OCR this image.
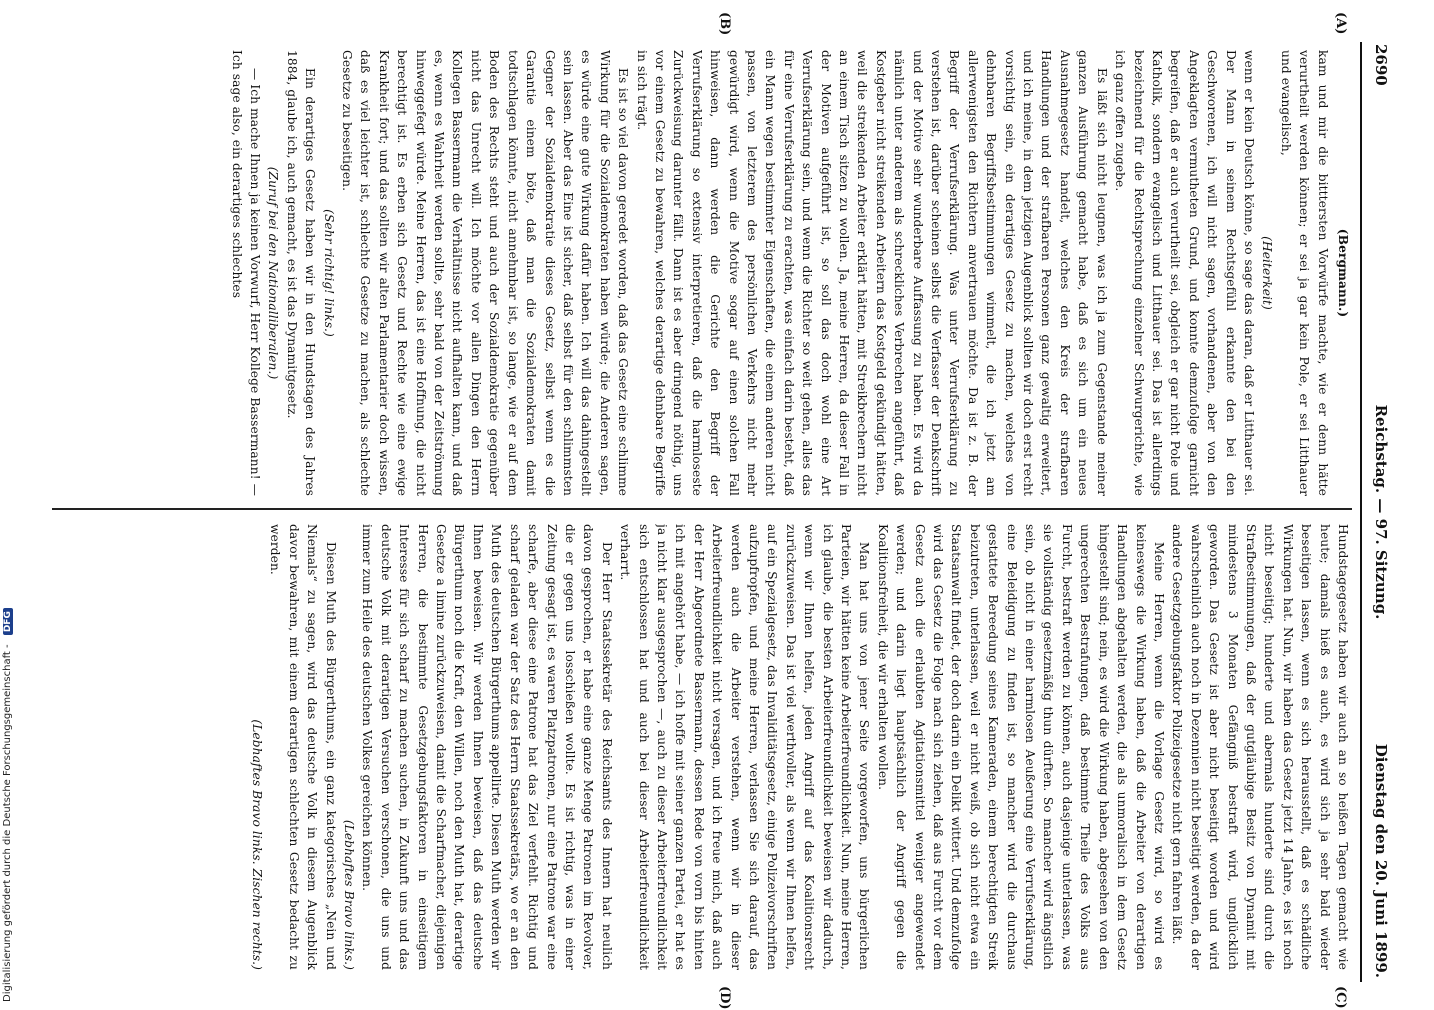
2690
Reichstag. — 97. Sitzung.
Dienstag den 20. Juni 1899.
(A)
(B)
(C)
(D)

(Bergmann.)

kam und mir die bitttersten Vorwürfe machte, wie er denn hätte verurtheilt werden können; er sei ja gar kein Pole, er sei Litthauer und evangelisch,

(Heiterkeit)

wenn er kein Deutsch könne, so sage das daran, daß er Litthauer sei. Der Mann in seinem Rechtsgefühl erkannte den bei den Geschworenen, ich will nicht sagen, vorhandenen, aber von den Angeklagten vermutheten Grund, und konnte demzufolge garnicht begreifen, daß er auch verurtheilt sei, obgleich er gar nicht Pole und Katholik, sondern evangelisch und Litthauer sei. Das ist allerdings bezeichnend für die Rechtsprechung einzelner Schwurgerichte, wie ich ganz offen zugebe.

Es läßt sich nicht leugnen, was ich ja zum Gegenstande meiner ganzen Ausführung gemacht habe, daß es sich um ein neues Ausnahmegesetz handelt, welches den Kreis der strafbaren Handlungen und der strafbaren Personen ganz gewaltig erweitert, und ich meine, in dem jetzigen Augenblick sollten wir doch erst recht vorsichtig sein, ein derartiges Gesetz zu machen, welches von dehnbaren Begriffsbestimmungen wimmelt, die ich jetzt am allerwenigsten den Richtern anvertrauen möchte. Da ist z. B. der Begriff der Verrufserklärung. Was unter Verrufserklärung zu verstehen ist, darüber scheinen selbst die Verfasser der Denkschrift und der Motive sehr wunderbare Auffassung zu haben. Es wird da nämlich unter anderem als schreckliches Verbrechen angeführt, daß Kostgeber nicht streikenden Arbeitern das Kostgeld gekündigt hätten, weil die streikenden Arbeiter erklärt hätten, mit Streikbrechern nicht an einem Tisch sitzen zu wollen. Ja, meine Herren, da dieser Fall in der Motiven aufgeführt ist, so soll das doch wohl eine Art Verrufserklärung sein, und wenn die Richter so weit gehen, alles das für eine Verrufserklärung zu erachten, was einfach darin besteht, daß ein Mann wegen bestimmter Eigenschaften, die einem anderen nicht passen, von letzterem des persönlichen Verkehrs nicht mehr gewürdigt wird, wenn die Motive sogar auf einen solchen Fall hinweisen, dann werden die Gerichte den Begriff der Verrufserklärung so extensiv interpretieren, daß die harmloseste Zurückweisung darunter fällt. Dann ist es aber dringend nöthig, uns vor einem Gesetz zu bewahren, welches derartige dehnbare Begriffe in sich trägt.

Es ist so viel davon geredet worden, daß das Gesetz eine schlimme Wirkung für die Sozialdemokraten haben würde; die Anderen sagen, es würde eine gute Wirkung dafür haben. Ich will das dahingestellt sein lassen. Aber das Eine ist sicher, daß selbst für den schlimmsten Gegner der Sozialdemokratie dieses Gesetz, selbst wenn es die Garantie einem böte, daß man die Sozialdemokraten damit todtschlagen könnte, nicht annehmbar ist, so lange, wie er auf dem Boden des Rechts steht und auch der Sozialdemokratie gegenüber nicht das Unrecht will. Ich möchte vor allen Dingen den Herrn Kollegen Bassermann die Verhältnisse nicht aufhalten kann, und daß es, wenn es Wahrheit werden sollte, sehr bald von der Zeitströmung hinweggefegt würde. Meine Herren, das ist eine Hoffnung, die nicht berechtigt ist. Es erben sich Gesetz und Rechte wie eine ewige Krankheit fort; und das sollten wir alten Parlamentarier doch wissen, daß es viel leichter ist, schlechte Gesetze zu machen, als schlechte Gesetze zu beseitigen.

(Sehr richtig! links.)

Ein derartiges Gesetz haben wir in den Hundstagen des Jahres 1884, glaube ich, auch gemacht, es ist das Dynamitgesetz.

(Zuruf bei den Nationalliberalen.)

— Ich mache Ihnen ja keinen Vorwurf, Herr Kollege Bassermann! — Ich sage also, ein derartiges schlechtes

Hundstagegesetz haben wir auch an so heißen Tagen gemacht wie heute; damals hieß es auch, es wird sich ja sehr bald wieder beseitigen lassen, wenn es sich herausstellt, daß es schädliche Wirkungen hat. Nun, wir haben das Gesetz jetzt 14 Jahre, es ist noch nicht beseitigt; hunderte und abermals hunderte sind durch die Strafbestimmungen, daß der gutgläubige Besitz von Dynamit mit mindestens 3 Monaten Gefängniß bestraft wird, unglücklich geworden. Das Gesetz ist aber nicht beseitigt worden und wird wahrscheinlich auch noch in Dezennien nicht beseitigt werden, da der andere Gesetzgebungsfaktor Polizeigesetze nicht gern fahren läßt.

Meine Herren, wenn die Vorlage Gesetz wird, so wird es keineswegs die Wirkung haben, daß die Arbeiter von derartigen Handlungen abgehalten werden, die als unmoralisch in dem Gesetz hingestellt sind; nein, es wird die Wirkung haben, abgesehen von den ungerechten Bestrafungen, daß bestimmte Theile des Volks aus Furcht, bestraft werden zu können, auch dasjenige unterlassen, was sie vollständig gesetzmäßig thun dürften. So mancher wird ängstlich sein, ob nicht in einer harmlosen Aeußerung eine Verrufserklärung, eine Beleidigung zu finden ist, so mancher wird die durchaus gestattete Bereedung seines Kameraden, einem berechtigten Streik beizutreten, unterlassen, weil er nicht weiß, ob sich nicht etwa ein Staatsanwalt findet, der doch darin ein Delikt wittert. Und demzufolge wird das Gesetz die Folge nach sich ziehen, daß aus Furcht vor dem Gesetz auch die erlaubten Agitationsmittel weniger angewendet werden; und darin liegt hauptsächlich der Angriff gegen die Koalitionsfreiheit, die wir erhalten wollen.

Man hat uns von jener Seite vorgeworfen, uns bürgerlichen Parteien, wir hätten keine Arbeiterfreundlichkeit. Nun, meine Herren, ich glaube, die besten Arbeiterfreundlichkeit beweisen wir dadurch, wenn wir Ihnen helfen, jeden Angriff auf das Koalitionsrecht zurückzuweisen. Das ist viel werthvoller, als wenn wir Ihnen helfen, auf ein Spezialgesetz, das Invaliditätsgesetz, einige Polizeivorschriften aufzupfropfen, und meine Herren, verlassen Sie sich darauf, das werden auch die Arbeiter verstehen, wenn wir in dieser Arbeiterfreundlichkeit nicht versagen, und ich freue mich, daß auch der Herr Abgeordnete Bassermann, dessen Rede von vorn bis hinten ich mit angehört habe, — ich hoffe mit seiner ganzen Partei, er hat es ja nicht klar ausgesprochen —, auch zu dieser Arbeiterfreundlichkeit sich entschlossen hat und auch bei dieser Arbeiterfreundlichkeit verharrt.

Der Herr Staatssekretär des Reichsamts des Innern hat neulich davon gesprochen, er habe eine ganze Menge Patronen im Revolver, die er gegen uns losschießen wollte. Es ist richtig, was in einer Zeitung gesagt ist, es waren Platzpatronen, nur eine Patrone war eine scharfe, aber diese eine Patrone hat das Ziel verfehlt. Richtig und scharf geladen war der Satz des Herrn Staatssekretärs, wo er an den Muth des deutschen Bürgerthums appellirte. Diesen Muth werden wir Ihnen beweisen. Wir werden Ihnen beweisen, daß das deutsche Bürgerthum noch die Kraft, den Willen, noch den Muth hat, derartige Gesetze a limine zurückzuweisen, damit die Scharfmacher, diejenigen Herren, die bestimmte Gesetzgebungsfaktoren in einseitigem Interesse für sich scharf zu machen suchen, in Zukunft uns und das deutsche Volk mit derartigen Versuchen verschonen, die uns und immer zum Heile des deutschen Volkes gereichen können.

(Lebhaftes Bravo links.)

Diesen Muth des Bürgerthums, ein ganz kategorisches „Nein und Niemals“ zu sagen, wird das deutsche Volk in diesem Augenblick davor bewahren, mit einem derartigen schlechten Gesetz bedacht zu werden.

(Lebhaftes Bravo links. Zischen rechts.)

Digitalisierung gefördert durch die Deutsche Forschungsgemeinschaft - DFG
